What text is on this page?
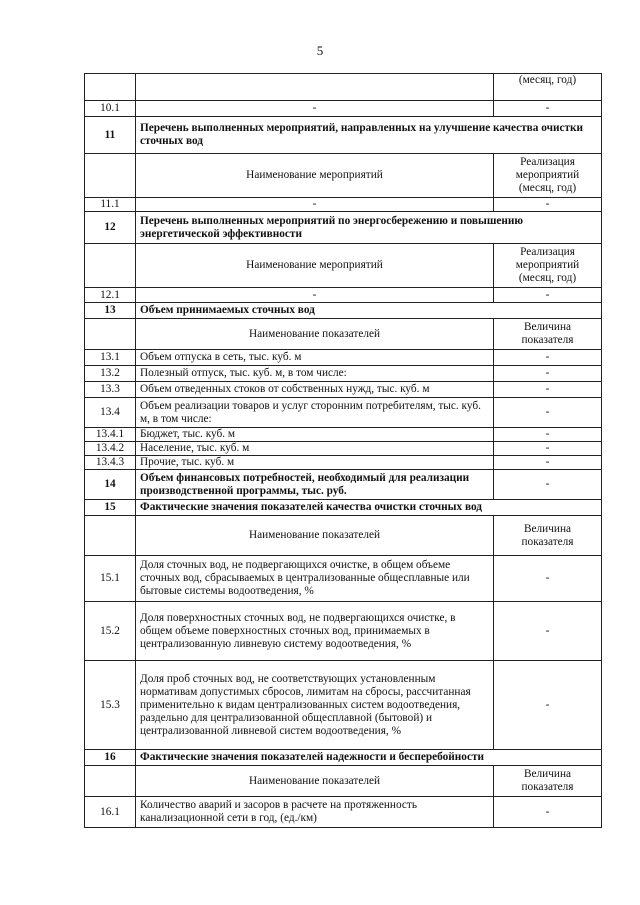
5
		(месяц, год)
10.1	-	-
11	Перечень выполненных мероприятий, направленных на улучшение качества очистки сточных вод	
	Наименование мероприятий	Реализация мероприятий (месяц, год)
11.1	-	-
12	Перечень выполненных мероприятий по энергосбережению и повышению энергетической эффективности	
	Наименование мероприятий	Реализация мероприятий (месяц, год)
12.1	-	-
13	Объем принимаемых сточных вод	
	Наименование показателей	Величина показателя
13.1	Объем отпуска в сеть, тыс. куб. м	-
13.2	Полезный отпуск, тыс. куб. м, в том числе:	-
13.3	Объем отведенных стоков от собственных нужд, тыс. куб. м	-
13.4	Объем реализации товаров и услуг сторонним потребителям, тыс. куб. м, в том числе:	-
13.4.1	Бюджет, тыс. куб. м	-
13.4.2	Население, тыс. куб. м	-
13.4.3	Прочие, тыс. куб. м	-
14	Объем финансовых потребностей, необходимый для реализации производственной программы, тыс. руб.	-
15	Фактические значения показателей качества очистки сточных вод	
	Наименование показателей	Величина показателя
15.1	Доля сточных вод, не подвергающихся очистке, в общем объеме сточных вод, сбрасываемых в централизованные общесплавные или бытовые системы водоотведения, %	-
15.2	Доля поверхностных сточных вод, не подвергающихся очистке, в общем объеме поверхностных сточных вод, принимаемых в централизованную ливневую систему водоотведения, %	-
15.3	Доля проб сточных вод, не соответствующих установленным нормативам допустимых сбросов, лимитам на сбросы, рассчитанная применительно к видам централизованных систем водоотведения, раздельно для централизованной общесплавной (бытовой) и централизованной ливневой систем водоотведения, %	-
16	Фактические значения показателей надежности и бесперебойности	
	Наименование показателей	Величина показателя
16.1	Количество аварий и засоров в расчете на протяженность канализационной сети в год, (ед./км)	-
